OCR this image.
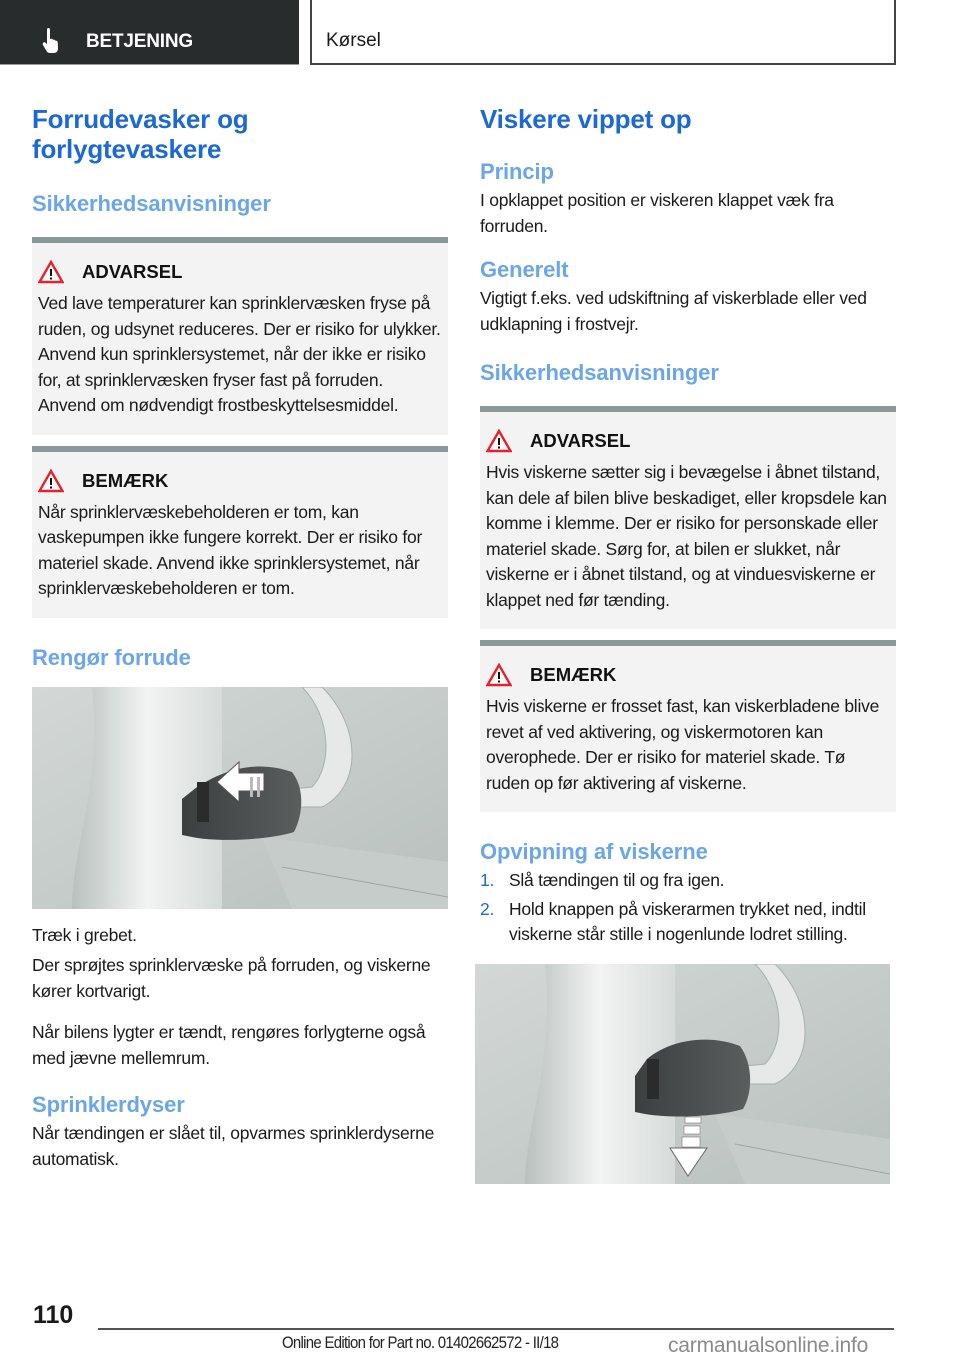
BETJENING	Kørsel
Forrudevasker og
forlygtevaskere
Sikkerhedsanvisninger
ADVARSEL
Ved lave temperaturer kan sprinklervæsken fryse på ruden, og udsynet reduceres. Der er risiko for ulykker. Anvend kun sprinklersystemet, når der ikke er risiko for, at sprinklervæsken fryser fast på forruden. Anvend om nødvendigt frostbeskyttelsesmiddel.
BEMÆRK
Når sprinklervæskebeholderen er tom, kan vaskepumpen ikke fungere korrekt. Der er risiko for materiel skade. Anvend ikke sprinklersystemet, når sprinklervæskebeholderen er tom.
Rengør forrude
Træk i grebet.
Der sprøjtes sprinklervæske på forruden, og viskerne kører kortvarigt.
Når bilens lygter er tændt, rengøres forlygterne også med jævne mellemrum.
Sprinklerdyser
Når tændingen er slået til, opvarmes sprinklerdyserne automatisk.
Viskere vippet op
Princip
I opklappet position er viskeren klappet væk fra forruden.
Generelt
Vigtigt f.eks. ved udskiftning af viskerblade eller ved udklapning i frostvejr.
Sikkerhedsanvisninger
ADVARSEL
Hvis viskerne sætter sig i bevægelse i åbnet tilstand, kan dele af bilen blive beskadiget, eller kropsdele kan komme i klemme. Der er risiko for personskade eller materiel skade. Sørg for, at bilen er slukket, når viskerne er i åbnet tilstand, og at vinduesviskerne er klappet ned før tænding.
BEMÆRK
Hvis viskerne er frosset fast, kan viskerbladene blive revet af ved aktivering, og viskermotoren kan overophede. Der er risiko for materiel skade. Tø ruden op før aktivering af viskerne.
Opvipning af viskerne
1. Slå tændingen til og fra igen.
2. Hold knappen på viskerarmen trykket ned, indtil viskerne står stille i nogenlunde lodret stilling.
110
Online Edition for Part no. 01402662572 - II/18	carmanualsonline.info
